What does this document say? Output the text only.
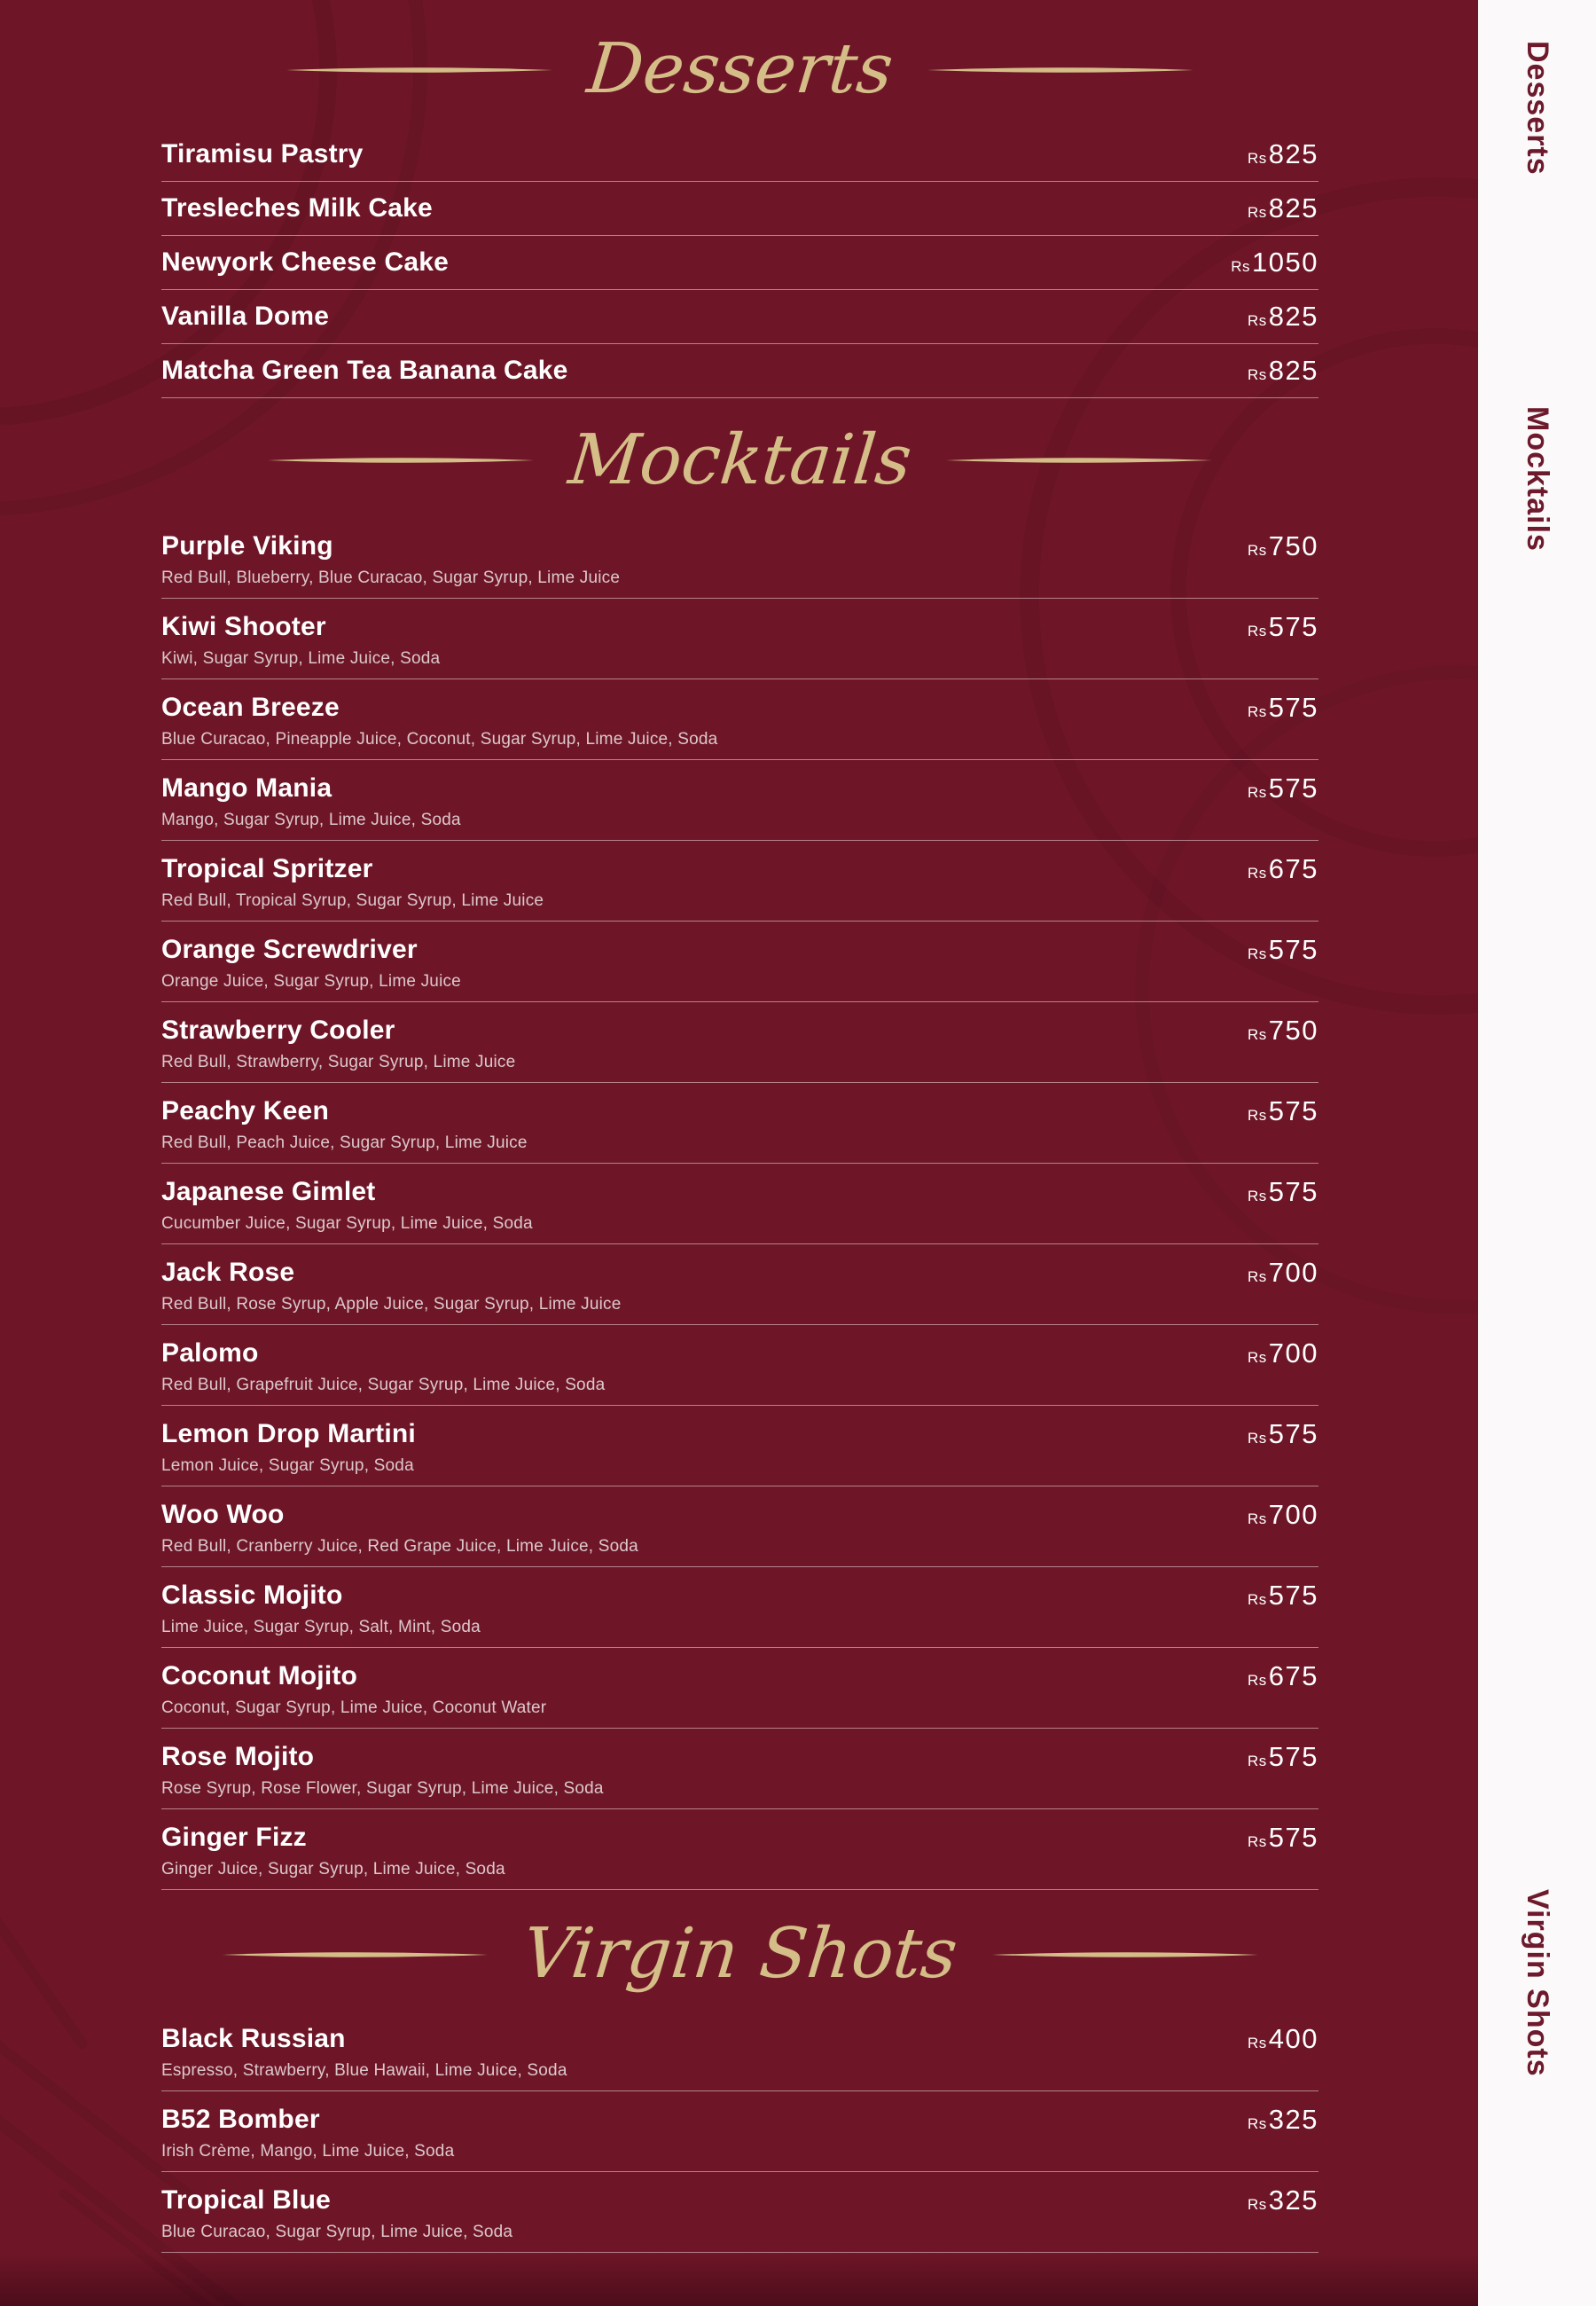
Desserts
Tiramisu Pastry	Rs 825
Tresleches Milk Cake	Rs 825
Newyork Cheese Cake	Rs 1050
Vanilla Dome	Rs 825
Matcha Green Tea Banana Cake	Rs 825
Mocktails
Purple Viking	Rs 750
Red Bull, Blueberry, Blue Curacao, Sugar Syrup, Lime Juice
Kiwi Shooter	Rs 575
Kiwi, Sugar Syrup, Lime Juice, Soda
Ocean Breeze	Rs 575
Blue Curacao, Pineapple Juice, Coconut, Sugar Syrup, Lime Juice, Soda
Mango Mania	Rs 575
Mango, Sugar Syrup, Lime Juice, Soda
Tropical Spritzer	Rs 675
Red Bull, Tropical Syrup, Sugar Syrup, Lime Juice
Orange Screwdriver	Rs 575
Orange Juice, Sugar Syrup, Lime Juice
Strawberry Cooler	Rs 750
Red Bull, Strawberry, Sugar Syrup, Lime Juice
Peachy Keen	Rs 575
Red Bull, Peach Juice, Sugar Syrup, Lime Juice
Japanese Gimlet	Rs 575
Cucumber Juice, Sugar Syrup, Lime Juice, Soda
Jack Rose	Rs 700
Red Bull, Rose Syrup, Apple Juice, Sugar Syrup, Lime Juice
Palomo	Rs 700
Red Bull, Grapefruit Juice, Sugar Syrup, Lime Juice, Soda
Lemon Drop Martini	Rs 575
Lemon Juice, Sugar Syrup, Soda
Woo Woo	Rs 700
Red Bull, Cranberry Juice, Red Grape Juice, Lime Juice, Soda
Classic Mojito	Rs 575
Lime Juice, Sugar Syrup, Salt, Mint, Soda
Coconut Mojito	Rs 675
Coconut, Sugar Syrup, Lime Juice, Coconut Water
Rose Mojito	Rs 575
Rose Syrup, Rose Flower, Sugar Syrup, Lime Juice, Soda
Ginger Fizz	Rs 575
Ginger Juice, Sugar Syrup, Lime Juice, Soda
Virgin Shots
Black Russian	Rs 400
Espresso, Strawberry, Blue Hawaii, Lime Juice, Soda
B52 Bomber	Rs 325
Irish Crème, Mango, Lime Juice, Soda
Tropical Blue	Rs 325
Blue Curacao, Sugar Syrup, Lime Juice, Soda
Desserts
Mocktails
Virgin Shots
